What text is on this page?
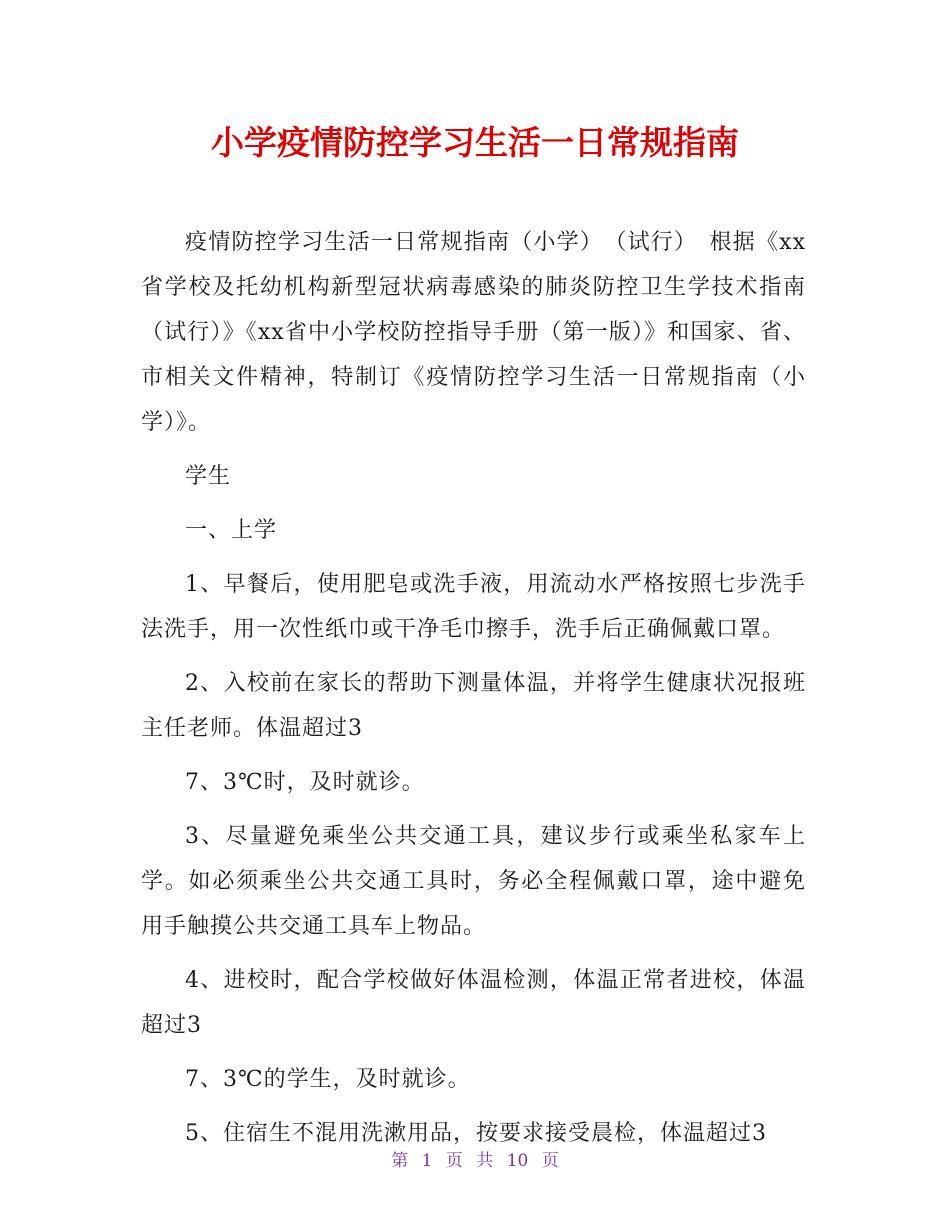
小学疫情防控学习生活一日常规指南

疫情防控学习生活一日常规指南（小学）　（试行）　根据《xx省学校及托幼机构新型冠状病毒感染的肺炎防控卫生学技术指南（试行）》《xx省中小学校防控指导手册（第一版）》和国家、省、市相关文件精神，特制订《疫情防控学习生活一日常规指南（小学）》。

学生

一、上学

1、早餐后，使用肥皂或洗手液，用流动水严格按照七步洗手法洗手，用一次性纸巾或干净毛巾擦手，洗手后正确佩戴口罩。

2、入校前在家长的帮助下测量体温，并将学生健康状况报班主任老师。体温超过3

7、3℃时，及时就诊。

3、尽量避免乘坐公共交通工具，建议步行或乘坐私家车上学。如必须乘坐公共交通工具时，务必全程佩戴口罩，途中避免用手触摸公共交通工具车上物品。

4、进校时，配合学校做好体温检测，体温正常者进校，体温超过3

7、3℃的学生，及时就诊。

5、住宿生不混用洗漱用品，按要求接受晨检，体温超过3

第 1 页 共 10 页
